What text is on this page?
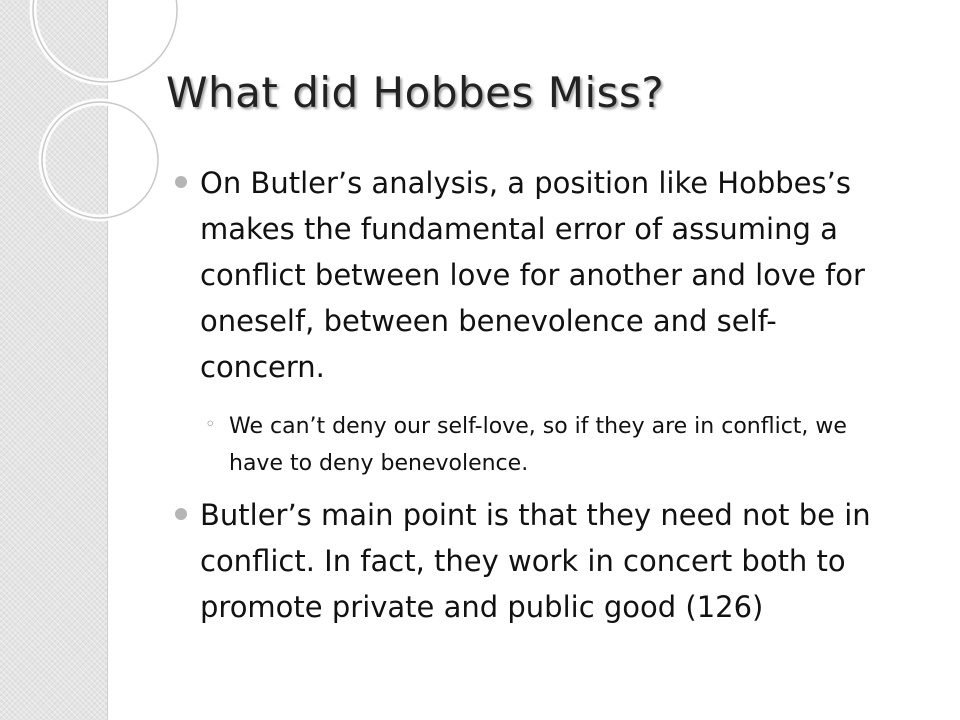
What did Hobbes Miss?
On Butler’s analysis, a position like Hobbes’s makes the fundamental error of assuming a conflict between love for another and love for oneself, between benevolence and self-concern.
◦ We can’t deny our self-love, so if they are in conflict, we have to deny benevolence.
Butler’s main point is that they need not be in conflict. In fact, they work in concert both to promote private and public good (126)
